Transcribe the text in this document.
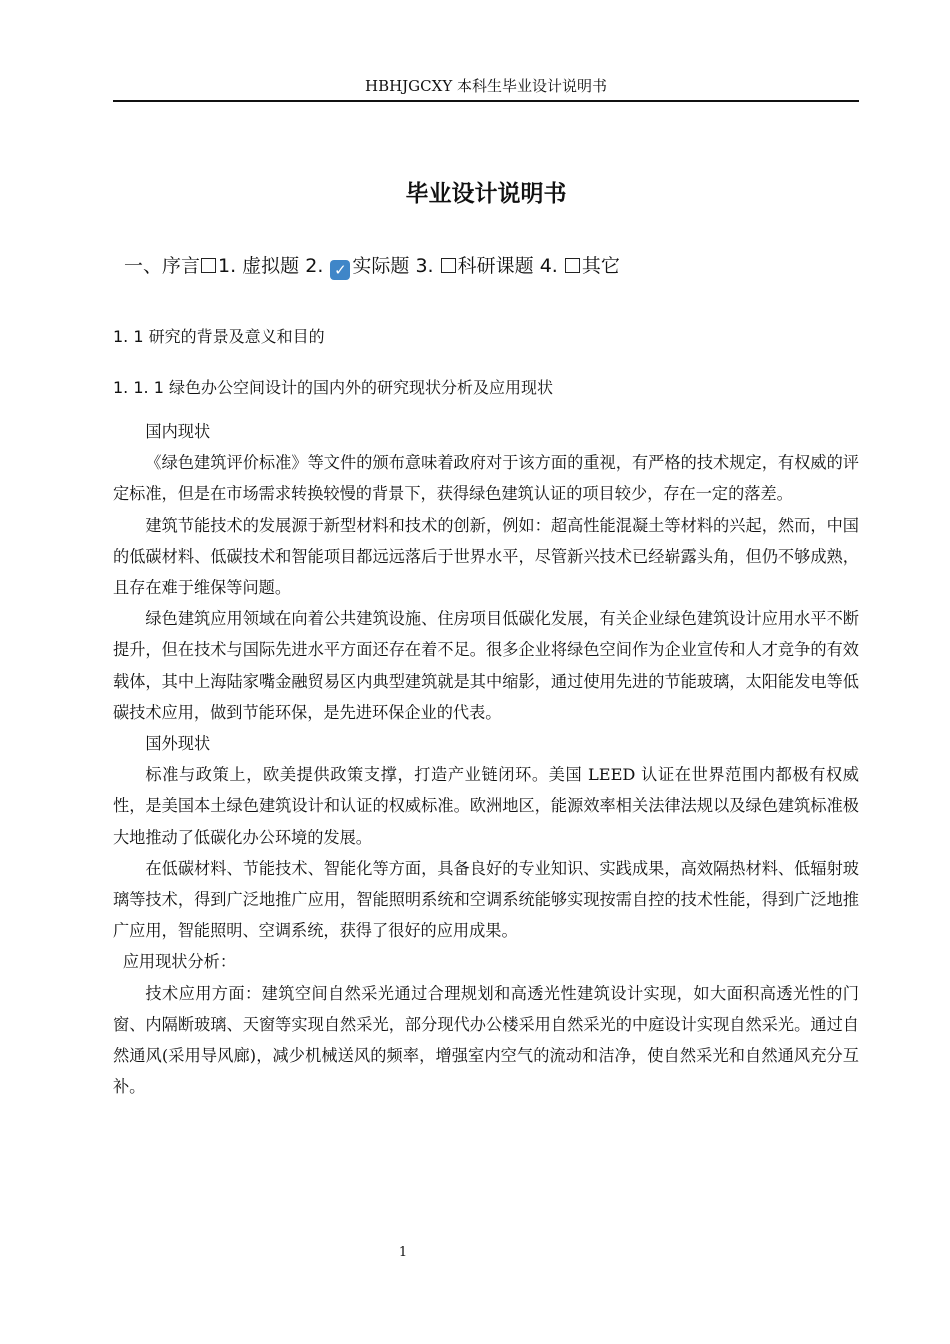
HBHJGCXY 本科生毕业设计说明书
毕业设计说明书
一、序言 1. 虚拟题 2. ✓ 实际题 3. 科研课题 4. 其它
1. 1 研究的背景及意义和目的
1. 1. 1 绿色办公空间设计的国内外的研究现状分析及应用现状

国内现状

《绿色建筑评价标准》等文件的颁布意味着政府对于该方面的重视，有严格的技术规定，有权威的评定标准，但是在市场需求转换较慢的背景下，获得绿色建筑认证的项目较少，存在一定的落差。

建筑节能技术的发展源于新型材料和技术的创新，例如：超高性能混凝土等材料的兴起，然而，中国的低碳材料、低碳技术和智能项目都远远落后于世界水平，尽管新兴技术已经崭露头角，但仍不够成熟，且存在难于维保等问题。

绿色建筑应用领域在向着公共建筑设施、住房项目低碳化发展，有关企业绿色建筑设计应用水平不断提升，但在技术与国际先进水平方面还存在着不足。很多企业将绿色空间作为企业宣传和人才竞争的有效载体，其中上海陆家嘴金融贸易区内典型建筑就是其中缩影，通过使用先进的节能玻璃，太阳能发电等低碳技术应用，做到节能环保，是先进环保企业的代表。

国外现状

标准与政策上，欧美提供政策支撑，打造产业链闭环。美国 LEED 认证在世界范围内都极有权威性，是美国本土绿色建筑设计和认证的权威标准。欧洲地区，能源效率相关法律法规以及绿色建筑标准极大地推动了低碳化办公环境的发展。

在低碳材料、节能技术、智能化等方面，具备良好的专业知识、实践成果，高效隔热材料、低辐射玻璃等技术，得到广泛地推广应用，智能照明系统和空调系统能够实现按需自控的技术性能，得到广泛地推广应用，智能照明、空调系统，获得了很好的应用成果。

应用现状分析：

技术应用方面：建筑空间自然采光通过合理规划和高透光性建筑设计实现，如大面积高透光性的门窗、内隔断玻璃、天窗等实现自然采光，部分现代办公楼采用自然采光的中庭设计实现自然采光。通过自然通风(采用导风廊)，减少机械送风的频率，增强室内空气的流动和洁净，使自然采光和自然通风充分互补。

1
